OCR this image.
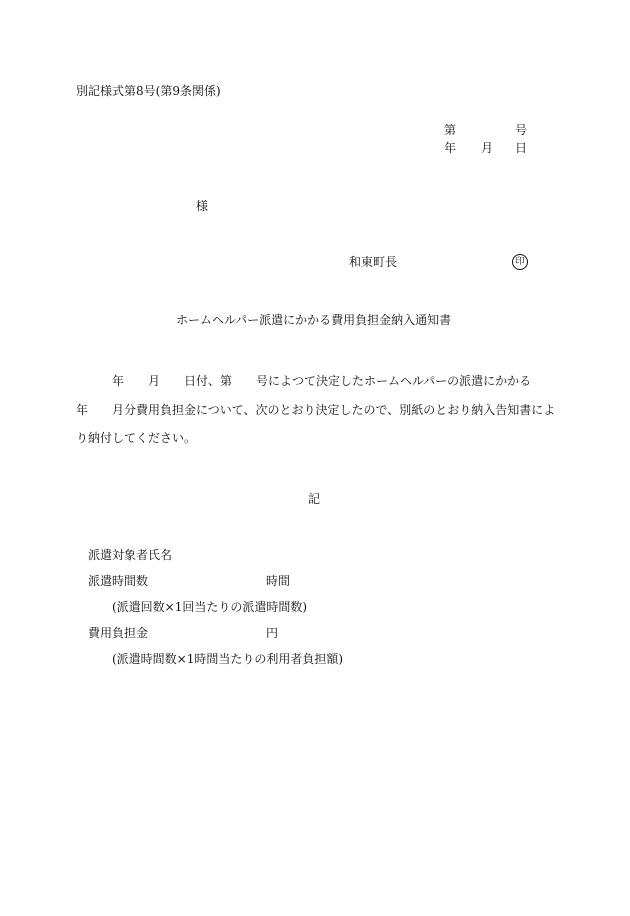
別記様式第8号(第9条関係)
第	号
年 月 日
様
和東町長	印
ホームヘルパー派遣にかかる費用負担金納入通知書
年 月 日付、第 号によつて決定したホームヘルパーの派遣にかかる
年 月分費用負担金について、次のとおり決定したので、別紙のとおり納入告知書によ
り納付してください。
記
派遣対象者氏名
派遣時間数	時間
(派遣回数×1回当たりの派遣時間数)
費用負担金	円
(派遣時間数×1時間当たりの利用者負担額)
